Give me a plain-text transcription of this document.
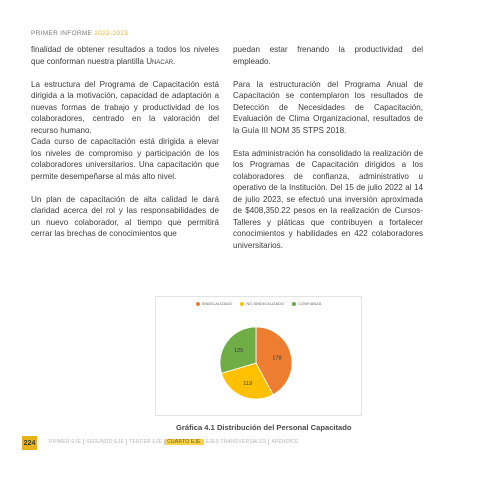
PRIMER INFORME 2022-2023

finalidad de obtener resultados a todos los niveles que conforman nuestra plantilla Unacar.

La estructura del Programa de Capacitación está dirigida a la motivación, capacidad de adaptación a nuevas formas de trabajo y productividad de los colaboradores, centrado en la valoración del recurso humano.

Cada curso de capacitación está dirigida a elevar los niveles de compromiso y participación de los colaboradores universitarios. Una capacitación que permite desempeñarse al más alto nivel.

Un plan de capacitación de alta calidad le dará claridad acerca del rol y las responsabilidades de un nuevo colaborador, al tiempo que permitirá cerrar las brechas de conocimientos que

puedan estar frenando la productividad del empleado.

Para la estructuración del Programa Anual de Capacitación se contemplaron los resultados de Detección de Necesidades de Capacitación, Evaluación de Clima Organizacional, resultados de la Guía III NOM 35 STPS 2018.

Esta administración ha consolidado la realización de los Programas de Capacitación dirigidos a los colaboradores de confianza, administrativo u operativo de la Institución. Del 15 de julio 2022 al 14 de julio 2023, se efectuó una inversión aproximada de $408,350.22 pesos en la realización de Cursos-Talleres y pláticas que contribuyen a fortalecer conocimientos y habilidades en 422 colaboradores universitarios.

SINDICALIZADO	NO SINDICALIZADO	CONFIANZA
178
119
125
Gráfica 4.1 Distribución del Personal Capacitado
224	PRIMER EJE	SEGUNDO EJE	TERCER EJE	CUARTO EJE	EJES TRANSVERSALES	APÉNDICE
